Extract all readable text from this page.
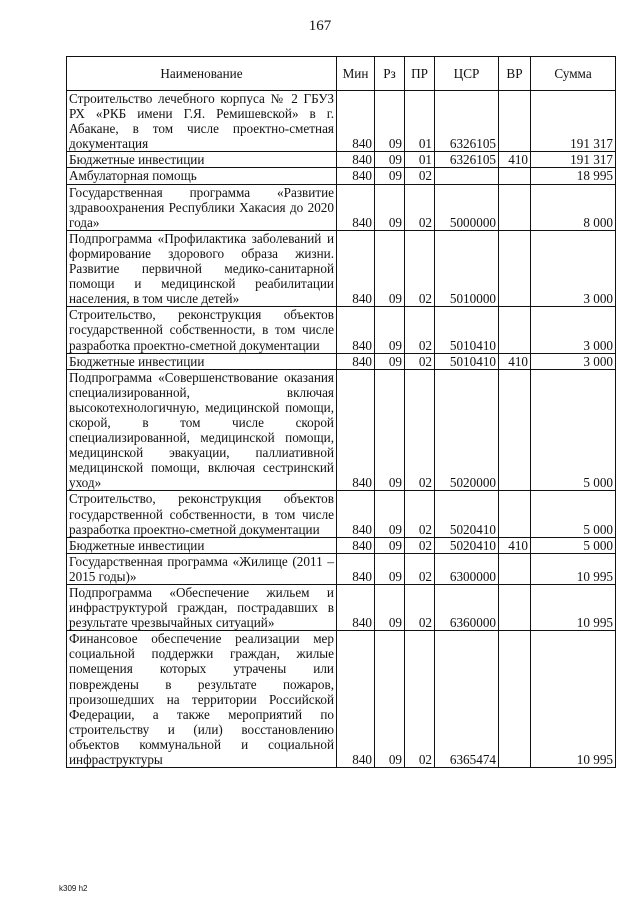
167
Наименование	Мин	Рз	ПР	ЦСР	ВР	Сумма
Строительство лечебного корпуса № 2 ГБУЗ РХ «РКБ имени Г.Я. Ремишевской» в г. Абакане, в том числе проектно-сметная документация	840	09	01	6326105		191 317
Бюджетные инвестиции	840	09	01	6326105	410	191 317
Амбулаторная помощь	840	09	02			18 995
Государственная программа «Развитие здравоохранения Республики Хакасия до 2020 года»	840	09	02	5000000		8 000
Подпрограмма «Профилактика заболеваний и формирование здорового образа жизни. Развитие первичной медико-санитарной помощи и медицинской реабилитации населения, в том числе детей»	840	09	02	5010000		3 000
Строительство, реконструкция объектов государственной собственности, в том числе разработка проектно-сметной документации	840	09	02	5010410		3 000
Бюджетные инвестиции	840	09	02	5010410	410	3 000
Подпрограмма «Совершенствование оказания специализированной, включая высокотехнологичную, медицинской помощи, скорой, в том числе скорой специализированной, медицинской помощи, медицинской эвакуации, паллиативной медицинской помощи, включая сестринский уход»	840	09	02	5020000		5 000
Строительство, реконструкция объектов государственной собственности, в том числе разработка проектно-сметной документации	840	09	02	5020410		5 000
Бюджетные инвестиции	840	09	02	5020410	410	5 000
Государственная программа «Жилище (2011 – 2015 годы)»	840	09	02	6300000		10 995
Подпрограмма «Обеспечение жильем и инфраструктурой граждан, пострадавших в результате чрезвычайных ситуаций»	840	09	02	6360000		10 995
Финансовое обеспечение реализации мер социальной поддержки граждан, жилые помещения которых утрачены или повреждены в результате пожаров, произошедших на территории Российской Федерации, а также мероприятий по строительству и (или) восстановлению объектов коммунальной и социальной инфраструктуры	840	09	02	6365474		10 995
k309 h2
